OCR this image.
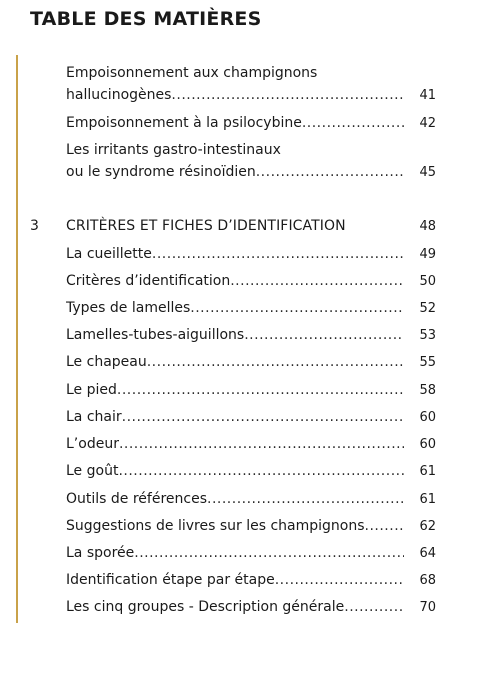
TABLE DES MATIÈRES
Empoisonnement aux champignons
hallucinogènes .....	41
Empoisonnement à la psilocybine .....	42
Les irritants gastro-intestinaux
ou le syndrome résinoïdien .....	45
3	CRITÈRES ET FICHES D’IDENTIFICATION	48
La cueillette .....	49
Critères d’identification .....	50
Types de lamelles .....	52
Lamelles-tubes-aiguillons .....	53
Le chapeau .....	55
Le pied .....	58
La chair .....	60
L’odeur .....	60
Le goût .....	61
Outils de références .....	61
Suggestions de livres sur les champignons .....	62
La sporée .....	64
Identification étape par étape .....	68
Les cinq groupes - Description générale .....	70
